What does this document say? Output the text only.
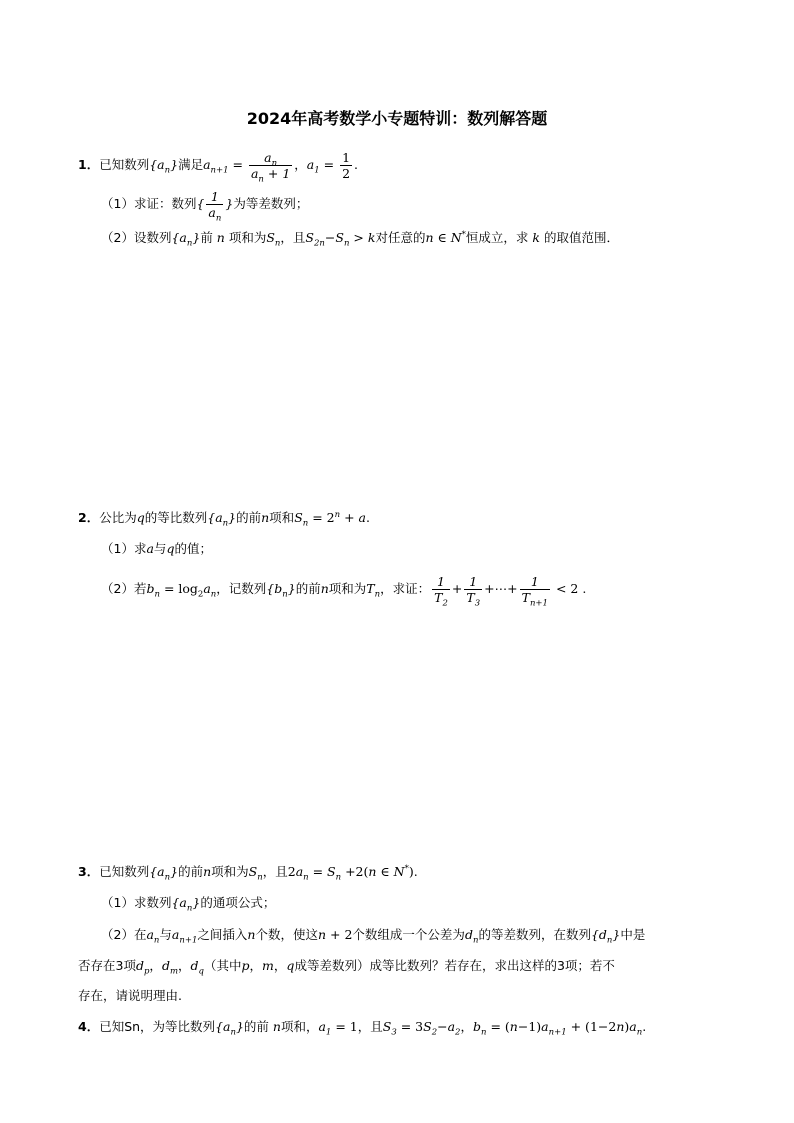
2024年高考数学小专题特训：数列解答题
1．已知数列$\{a_n\}$满足$a_{n+1} = \frac{a_n}{a_n + 1}$ ，$a_1 = \frac{1}{2}$ .
（1）求证：数列{ $\frac{1}{a_n}$ }为等差数列；
（2）设数列$\{a_n\}$前 n 项和为$S_n$，且$S_{2n}-S_n > k$对任意的n ∈ N*恒成立，求 k 的取值范围．
2．公比为q的等比数列$\{a_n\}$的前n项和$S_n = 2^n + a$.
（1）求a与q的值；
（2）若$b_n = \log_2a_n$，记数列$\{b_n\}$的前n项和为$T_n$，求证： $\frac{1}{T_2} + \frac{1}{T_3}$ +⋯+ $\frac{1}{T_{n+1}} < 2$ .
3．已知数列$\{a_n\}$的前n项和为$S_n$，且$2a_n = S_n +2(n$ ∈ N*).
（1）求数列$\{a_n\}$的通项公式；
（2）在$a_n$与$a_{n+1}$之间插入n个数，使这n + 2个数组成一个公差为$d_n$的等差数列，在数列$\{d_n\}$中是
否存在3项$d_p$，$d_m$，$d_q$（其中p，m，q成等差数列）成等比数列？若存在，求出这样的3项；若不
存在，请说明理由.
4．已知Sn，为等比数列$\{a_n\}$的前 n项和，$a_1 = 1$，且$S_3 = 3S_2-a_2$，$b_n = (n-1)a_{n+1} + (1-2n)a_n$.
